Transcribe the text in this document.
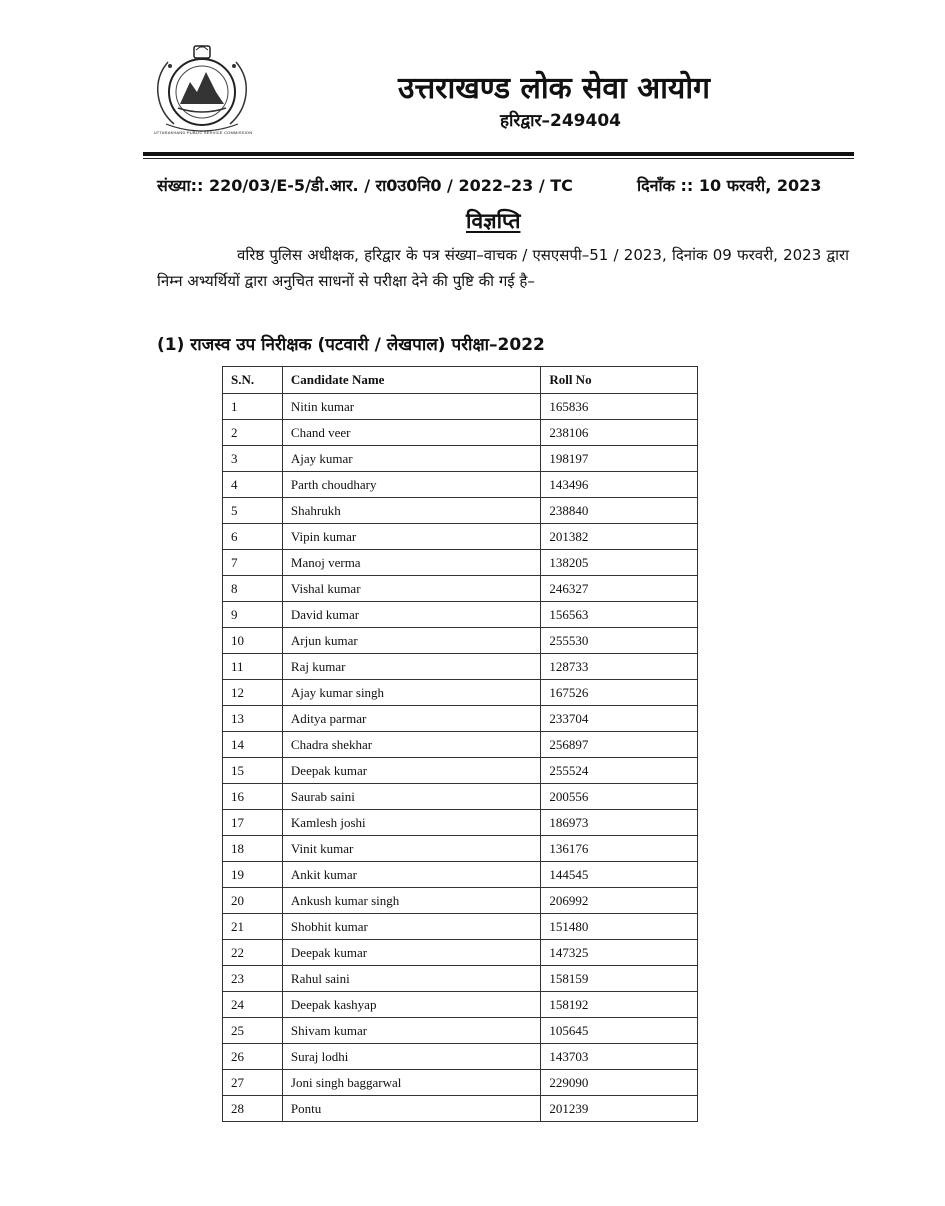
UTTARAKHAND PUBLIC SERVICE COMMISSION
उत्तराखण्ड लोक सेवा आयोग
हरिद्वार–249404
संख्या:: 220/03/E-5/डी.आर. / रा0उ0नि0 / 2022–23 / TC	दिनाँक :: 10 फरवरी, 2023
विज्ञप्ति
वरिष्ठ पुलिस अधीक्षक, हरिद्वार के पत्र संख्या–वाचक / एसएसपी–51 / 2023, दिनांक 09 फरवरी, 2023 द्वारा निम्न अभ्यर्थियों द्वारा अनुचित साधनों से परीक्षा देने की पुष्टि की गई है–
(1) राजस्व उप निरीक्षक (पटवारी / लेखपाल) परीक्षा–2022
S.N.	Candidate Name	Roll No
1	Nitin kumar	165836
2	Chand veer	238106
3	Ajay kumar	198197
4	Parth choudhary	143496
5	Shahrukh	238840
6	Vipin kumar	201382
7	Manoj verma	138205
8	Vishal kumar	246327
9	David kumar	156563
10	Arjun kumar	255530
11	Raj kumar	128733
12	Ajay kumar singh	167526
13	Aditya parmar	233704
14	Chadra shekhar	256897
15	Deepak kumar	255524
16	Saurab saini	200556
17	Kamlesh joshi	186973
18	Vinit kumar	136176
19	Ankit kumar	144545
20	Ankush kumar singh	206992
21	Shobhit kumar	151480
22	Deepak kumar	147325
23	Rahul saini	158159
24	Deepak kashyap	158192
25	Shivam kumar	105645
26	Suraj lodhi	143703
27	Joni singh baggarwal	229090
28	Pontu	201239
